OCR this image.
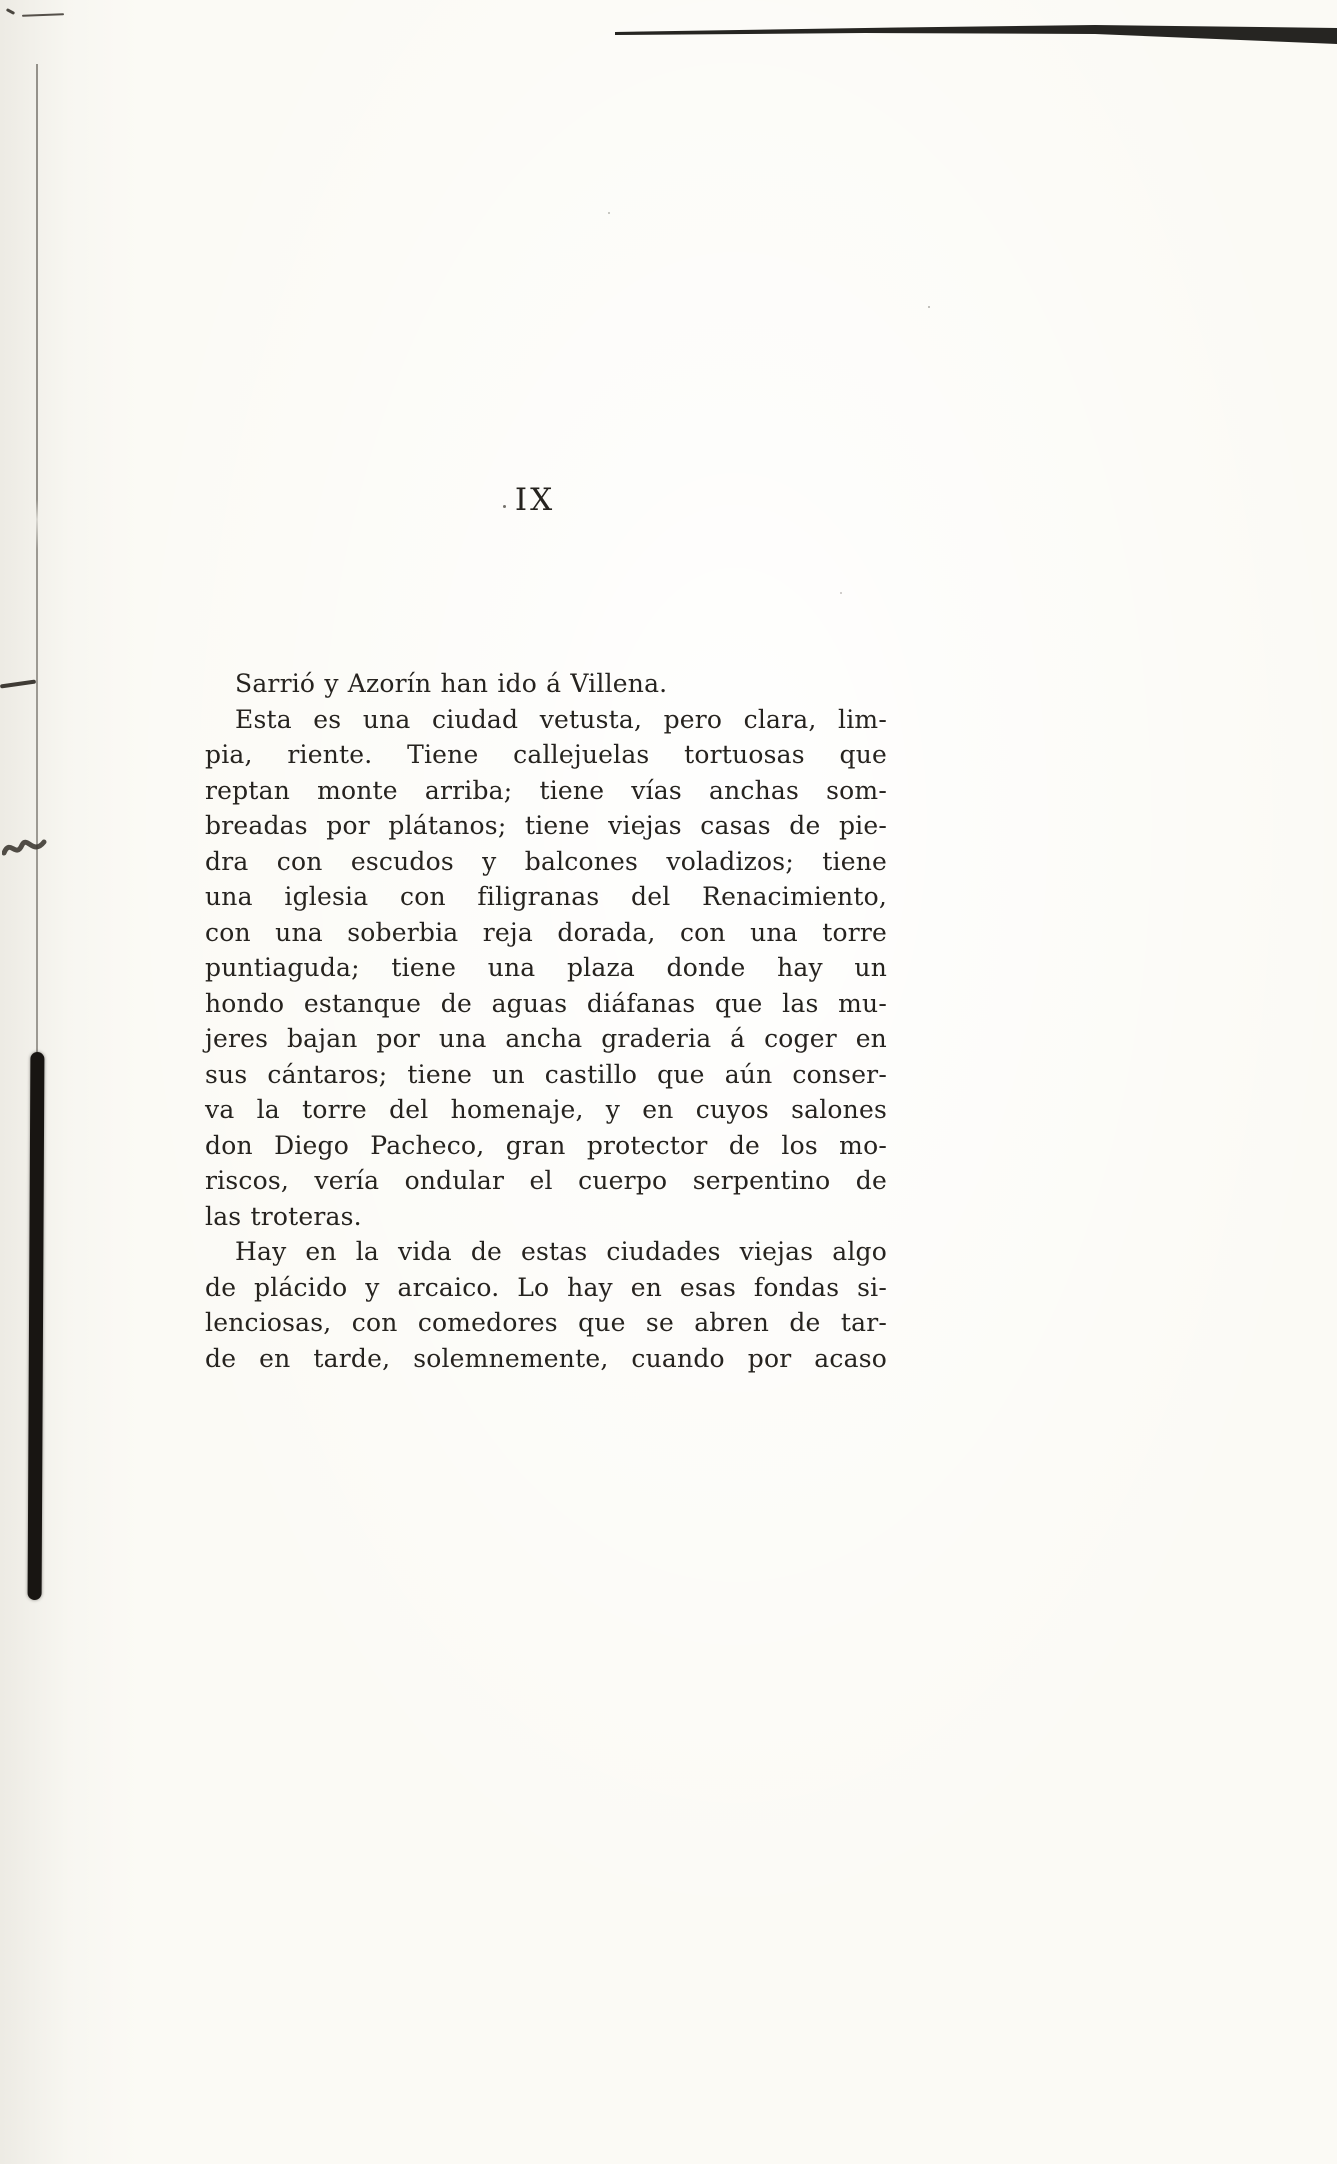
IX
Sarrió y Azorín han ido á Villena.
Esta es una ciudad vetusta, pero clara, lim-
pia, riente. Tiene callejuelas tortuosas que
reptan monte arriba; tiene vías anchas som-
breadas por plátanos; tiene viejas casas de pie-
dra con escudos y balcones voladizos; tiene
una iglesia con filigranas del Renacimiento,
con una soberbia reja dorada, con una torre
puntiaguda; tiene una plaza donde hay un
hondo estanque de aguas diáfanas que las mu-
jeres bajan por una ancha graderia á coger en
sus cántaros; tiene un castillo que aún conser-
va la torre del homenaje, y en cuyos salones
don Diego Pacheco, gran protector de los mo-
riscos, vería ondular el cuerpo serpentino de
las troteras.
Hay en la vida de estas ciudades viejas algo
de plácido y arcaico. Lo hay en esas fondas si-
lenciosas, con comedores que se abren de tar-
de en tarde, solemnemente, cuando por acaso
